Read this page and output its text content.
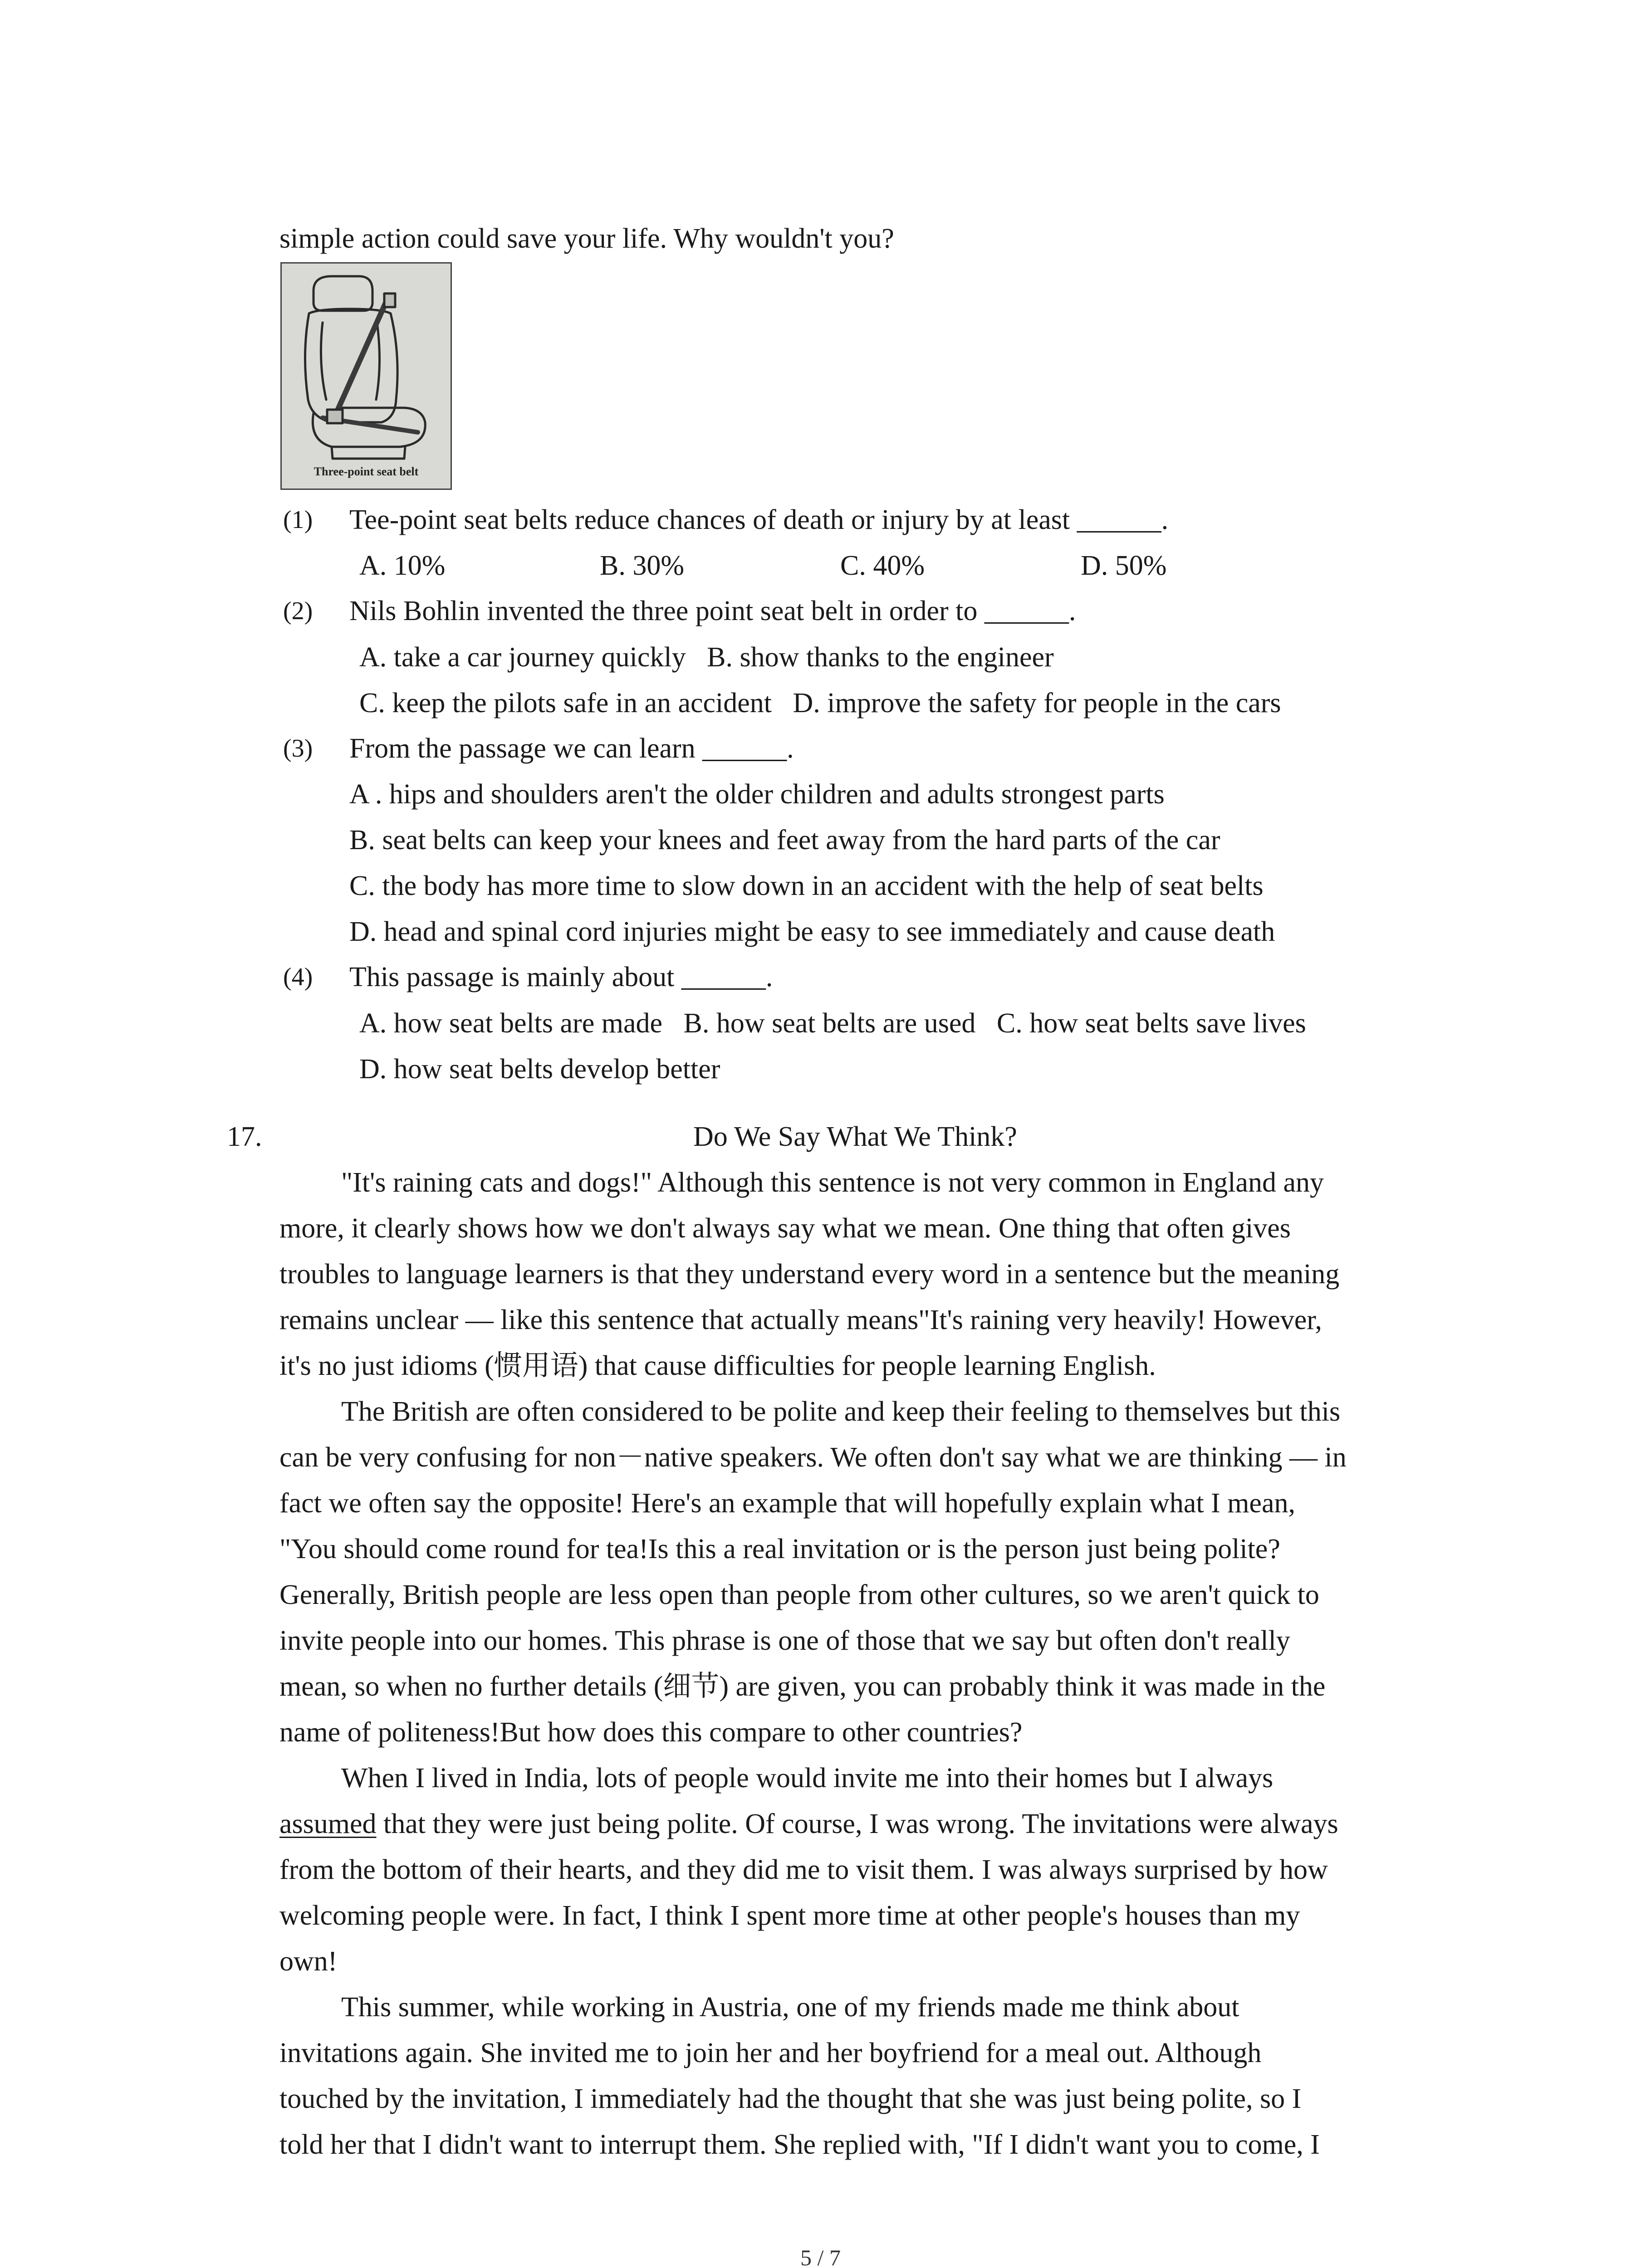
simple action could save your life. Why wouldn't you?
Three-point seat belt
(1) Tee-point seat belts reduce chances of death or injury by at least ______.
A. 10%	B. 30%	C. 40%	D. 50%
(2) Nils Bohlin invented the three point seat belt in order to ______.
A. take a car journey quickly   B. show thanks to the engineer
C. keep the pilots safe in an accident   D. improve the safety for people in the cars
(3) From the passage we can learn ______.
A . hips and shoulders aren't the older children and adults strongest parts
B. seat belts can keep your knees and feet away from the hard parts of the car
C. the body has more time to slow down in an accident with the help of seat belts
D. head and spinal cord injuries might be easy to see immediately and cause death
(4) This passage is mainly about ______.
A. how seat belts are made   B. how seat belts are used   C. how seat belts save lives
D. how seat belts develop better
17.	Do We Say What We Think?
"It's raining cats and dogs!" Although this sentence is not very common in England any
more, it clearly shows how we don't always say what we mean. One thing that often gives
troubles to language learners is that they understand every word in a sentence but the meaning
remains unclear — like this sentence that actually means"It's raining very heavily! However,
it's no just idioms (惯用语) that cause difficulties for people learning English.
The British are often considered to be polite and keep their feeling to themselves but this
can be very confusing for non－native speakers. We often don't say what we are thinking — in
fact we often say the opposite! Here's an example that will hopefully explain what I mean,
"You should come round for tea!Is this a real invitation or is the person just being polite?
Generally, British people are less open than people from other cultures, so we aren't quick to
invite people into our homes. This phrase is one of those that we say but often don't really
mean, so when no further details (细节) are given, you can probably think it was made in the
name of politeness!But how does this compare to other countries?
When I lived in India, lots of people would invite me into their homes but I always
assumed that they were just being polite. Of course, I was wrong. The invitations were always
from the bottom of their hearts, and they did me to visit them. I was always surprised by how
welcoming people were. In fact, I think I spent more time at other people's houses than my
own!
This summer, while working in Austria, one of my friends made me think about
invitations again. She invited me to join her and her boyfriend for a meal out. Although
touched by the invitation, I immediately had the thought that she was just being polite, so I
told her that I didn't want to interrupt them. She replied with, "If I didn't want you to come, I
5 / 7
